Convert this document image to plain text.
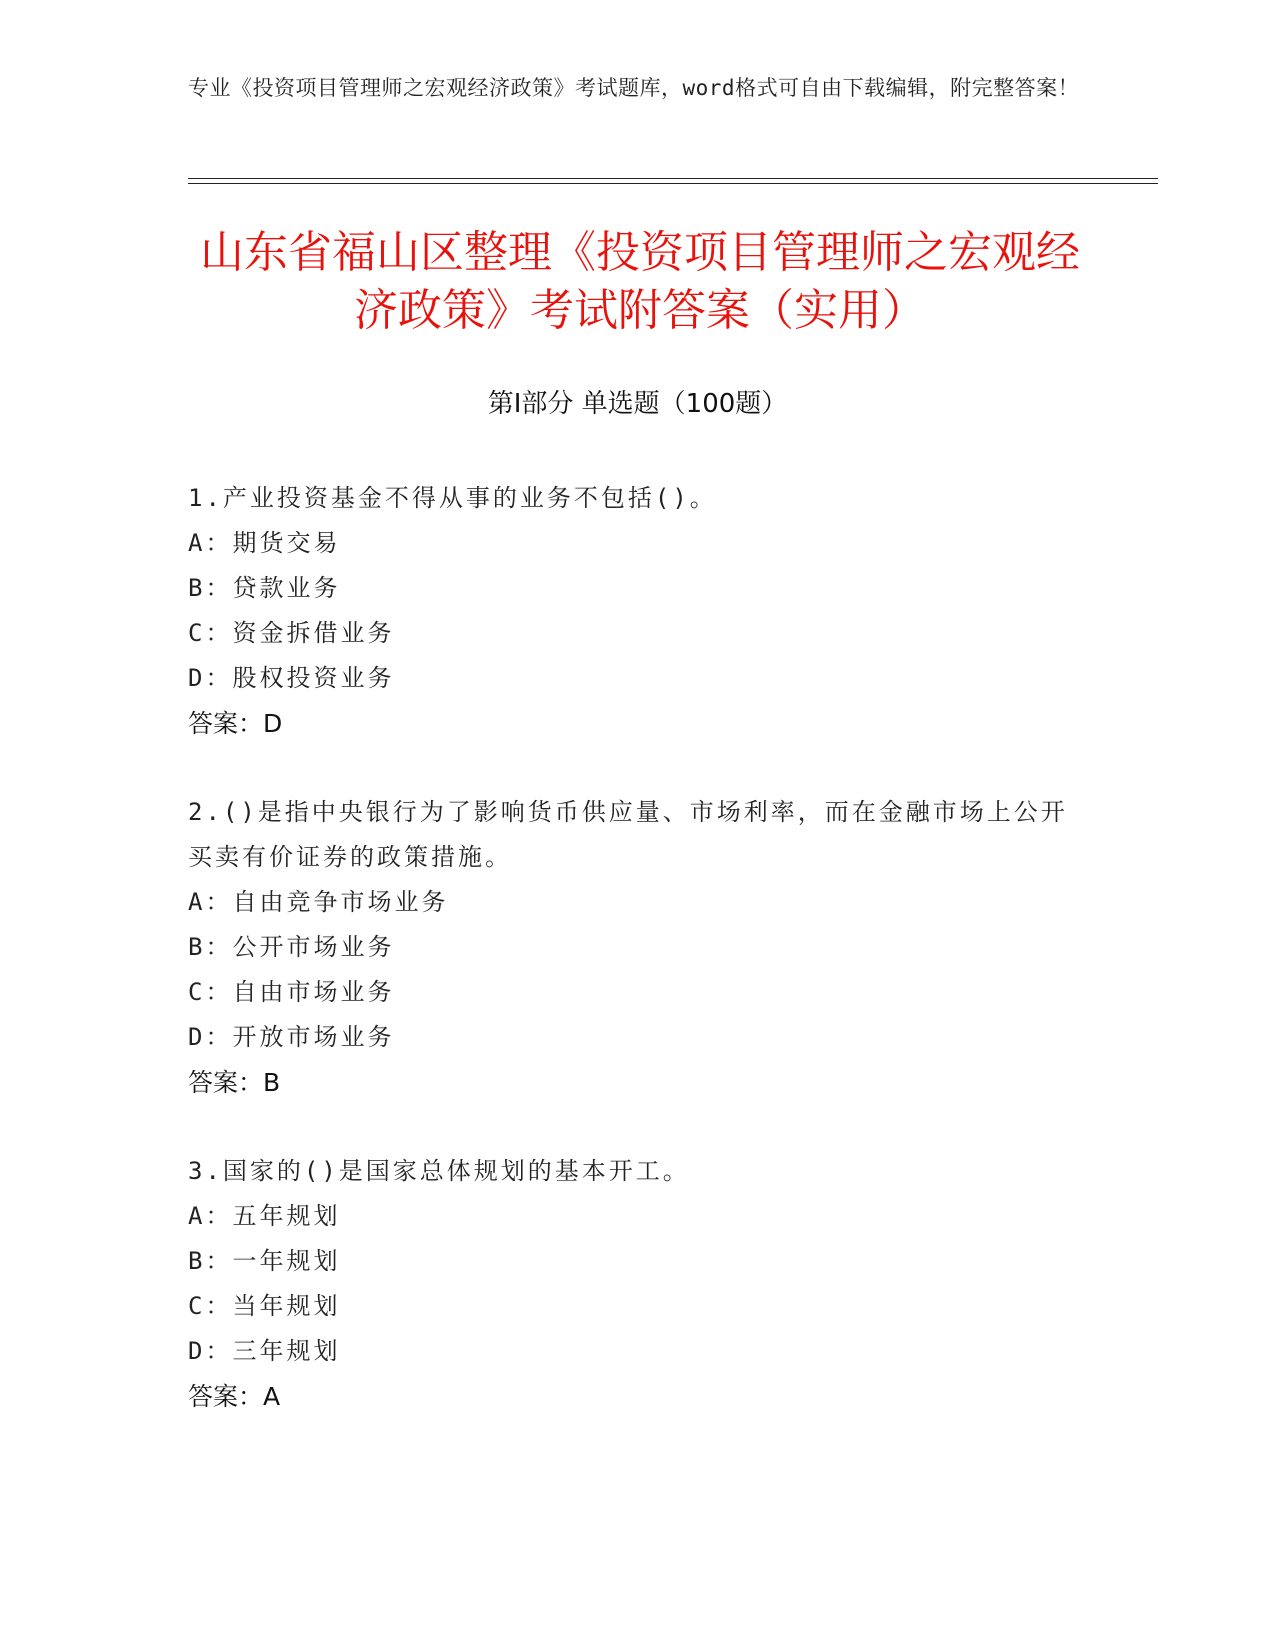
专业《投资项目管理师之宏观经济政策》考试题库，word格式可自由下载编辑，附完整答案！
山东省福山区整理《投资项目管理师之宏观经济政策》考试附答案（实用）
第Ⅰ部分 单选题（100题）
1.产业投资基金不得从事的业务不包括()。
A：期货交易
B：贷款业务
C：资金拆借业务
D：股权投资业务
答案：D
2.()是指中央银行为了影响货币供应量、市场利率，而在金融市场上公开买卖有价证券的政策措施。
A：自由竞争市场业务
B：公开市场业务
C：自由市场业务
D：开放市场业务
答案：B
3.国家的()是国家总体规划的基本开工。
A：五年规划
B：一年规划
C：当年规划
D：三年规划
答案：A
